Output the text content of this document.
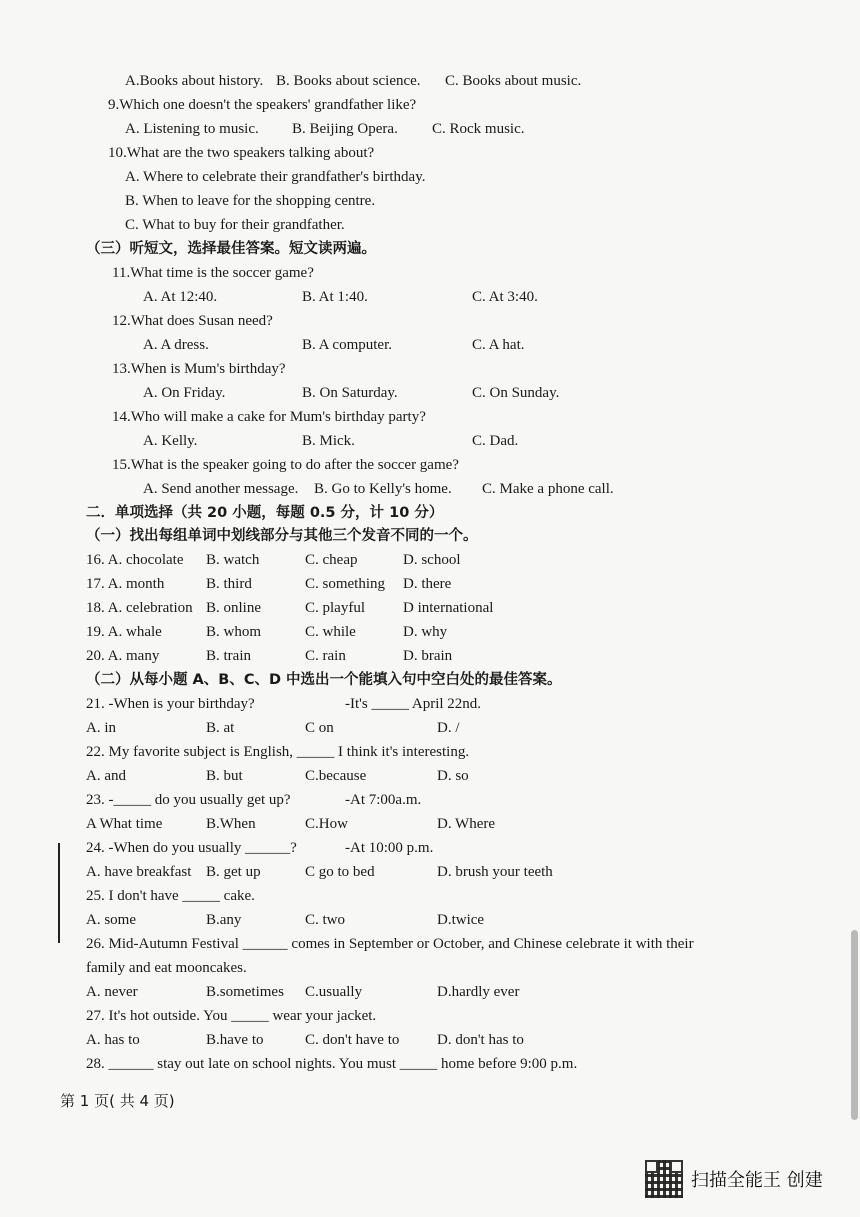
A.Books about history. B. Books about science. C. Books about music.
9.Which one doesn't the speakers' grandfather like?
A. Listening to music. B. Beijing Opera. C. Rock music.
10.What are the two speakers talking about?
A. Where to celebrate their grandfather's birthday.
B. When to leave for the shopping centre.
C. What to buy for their grandfather.
（三）听短文，选择最佳答案。短文读两遍。
11.What time is the soccer game?
A. At 12:40.	B. At 1:40.	C. At 3:40.
12.What does Susan need?
A. A dress.	B. A computer.	C. A hat.
13.When is Mum's birthday?
A. On Friday.	B. On Saturday.	C. On Sunday.
14.Who will make a cake for Mum's birthday party?
A. Kelly.	B. Mick.	C. Dad.
15.What is the speaker going to do after the soccer game?
A. Send another message. B. Go to Kelly's home. C. Make a phone call.
二．单项选择（共 20 小题，每题 0.5 分，计 10 分）
（一）找出每组单词中划线部分与其他三个发音不同的一个。
16. A. chocolate B. watch	C. cheap	D. school
17. A. month	B. third	C. something D. there
18. A. celebration B. online	C. playful	D international
19. A. whale	B. whom	C. while	D. why
20. A. many	B. train	C. rain	D. brain
（二）从每小题 A、B、C、D 中选出一个能填入句中空白处的最佳答案。
21. -When is your birthday?	-It's _____ April 22nd.
A. in	B. at	C on	D. /
22. My favorite subject is English, _____ I think it's interesting.
A. and	B. but	C.because	D. so
23. -_____ do you usually get up?	-At 7:00a.m.
A What time	B.When	C.How	D. Where
24. -When do you usually ______?	-At 10:00 p.m.
A. have breakfast B. get up	C go to bed	D. brush your teeth
25. I don't have _____ cake.
A. some	B.any	C. two	D.twice
26. Mid-Autumn Festival ______ comes in September or October, and Chinese celebrate it with their
family and eat mooncakes.
A. never	B.sometimes C.usually	D.hardly ever
27. It's hot outside. You _____ wear your jacket.
A. has to	B.have to	C. don't have to	D. don't has to
28. ______ stay out late on school nights. You must _____ home before 9:00 p.m.
第 1 页( 共 4 页)
扫描全能王 创建
